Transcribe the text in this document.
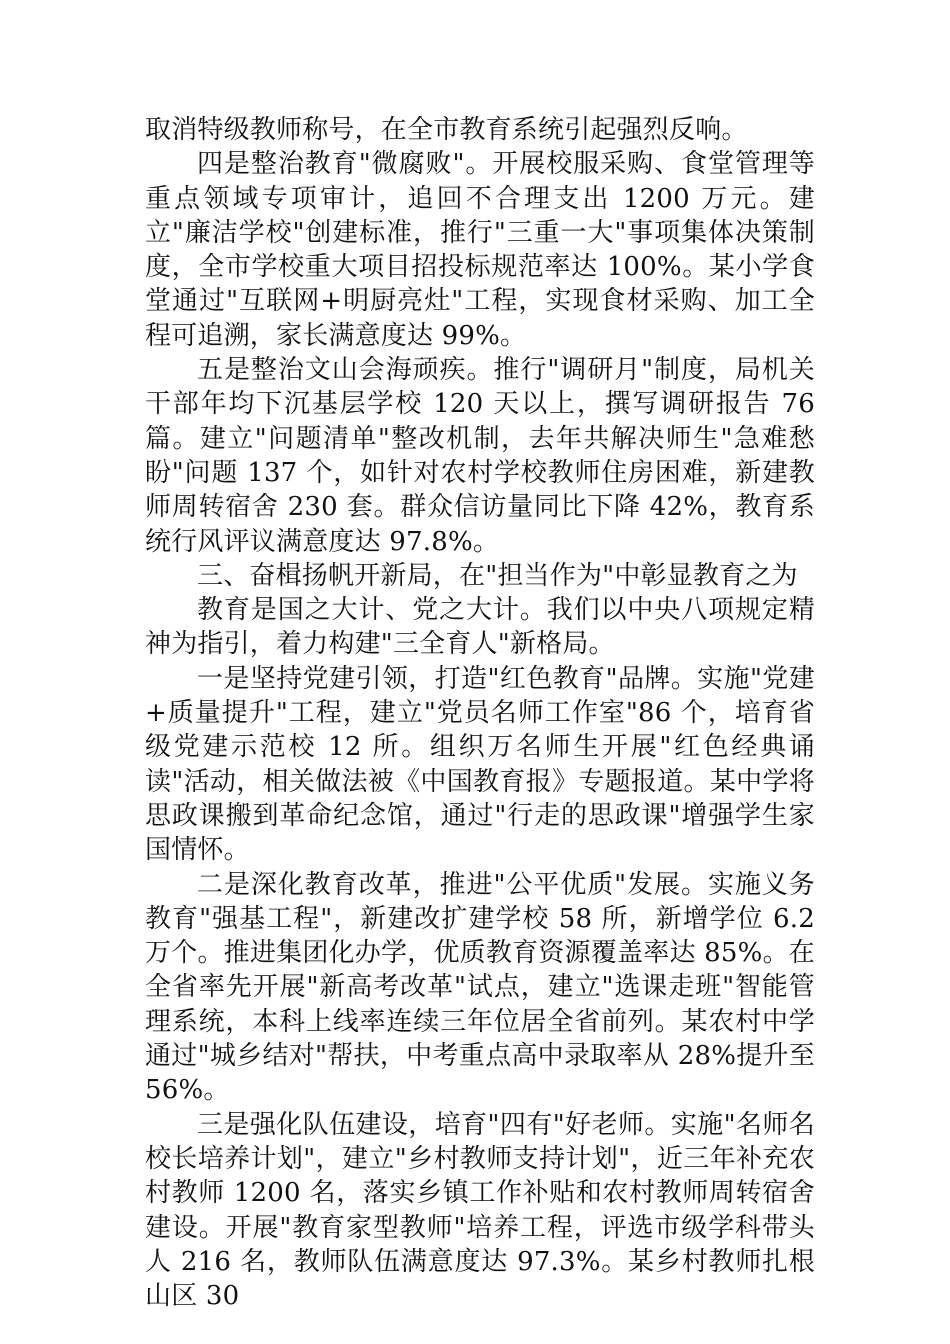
取消特级教师称号，在全市教育系统引起强烈反响。

四是整治教育"微腐败"。开展校服采购、食堂管理等重点领域专项审计，追回不合理支出 1200 万元。建立"廉洁学校"创建标准，推行"三重一大"事项集体决策制度，全市学校重大项目招投标规范率达 100%。某小学食堂通过"互联网+明厨亮灶"工程，实现食材采购、加工全程可追溯，家长满意度达 99%。

五是整治文山会海顽疾。推行"调研月"制度，局机关干部年均下沉基层学校 120 天以上，撰写调研报告 76 篇。建立"问题清单"整改机制，去年共解决师生"急难愁盼"问题 137 个，如针对农村学校教师住房困难，新建教师周转宿舍 230 套。群众信访量同比下降 42%，教育系统行风评议满意度达 97.8%。

三、奋楫扬帆开新局，在"担当作为"中彰显教育之为

教育是国之大计、党之大计。我们以中央八项规定精神为指引，着力构建"三全育人"新格局。

一是坚持党建引领，打造"红色教育"品牌。实施"党建+质量提升"工程，建立"党员名师工作室"86 个，培育省级党建示范校 12 所。组织万名师生开展"红色经典诵读"活动，相关做法被《中国教育报》专题报道。某中学将思政课搬到革命纪念馆，通过"行走的思政课"增强学生家国情怀。

二是深化教育改革，推进"公平优质"发展。实施义务教育"强基工程"，新建改扩建学校 58 所，新增学位 6.2 万个。推进集团化办学，优质教育资源覆盖率达 85%。在全省率先开展"新高考改革"试点，建立"选课走班"智能管理系统，本科上线率连续三年位居全省前列。某农村中学通过"城乡结对"帮扶，中考重点高中录取率从 28%提升至 56%。

三是强化队伍建设，培育"四有"好老师。实施"名师名校长培养计划"，建立"乡村教师支持计划"，近三年补充农村教师 1200 名，落实乡镇工作补贴和农村教师周转宿舍建设。开展"教育家型教师"培养工程，评选市级学科带头人 216 名，教师队伍满意度达 97.3%。某乡村教师扎根山区 30
